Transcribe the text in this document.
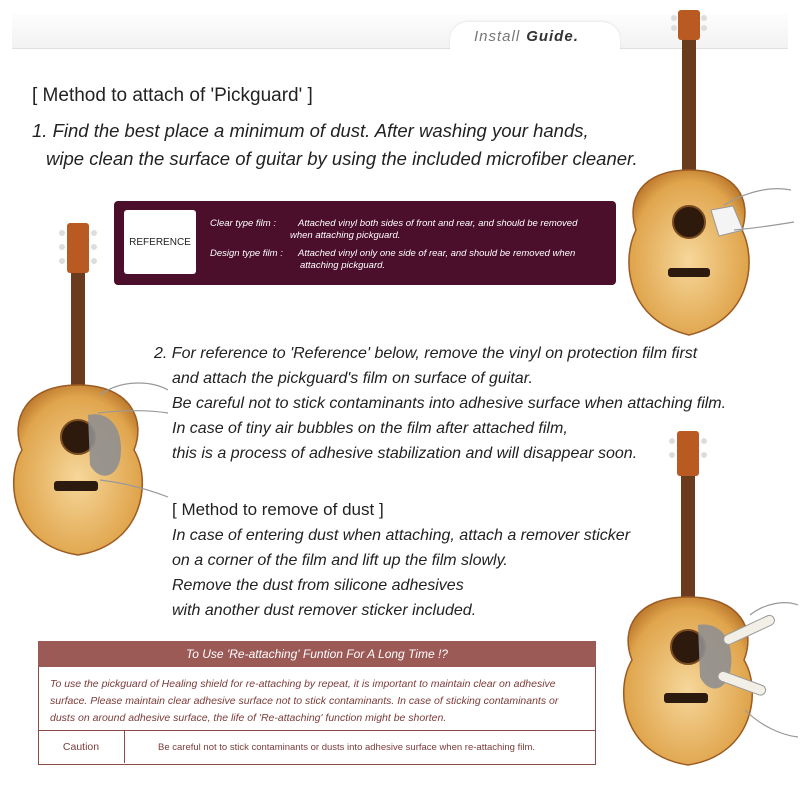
Install Guide.
[ Method to attach of 'Pickguard' ]
1. Find the best place a minimum of dust. After washing your hands,
wipe clean the surface of guitar by using the included microfiber cleaner.
REFERENCE
Clear type film : Attached vinyl both sides of front and rear, and should be removed
when attaching pickguard.
Design type film : Attached vinyl only one side of rear, and should be removed when
attaching pickguard.
2. For reference to 'Reference' below, remove the vinyl on protection film first
and attach the pickguard's film on surface of guitar.
Be careful not to stick contaminants into adhesive surface when attaching film.
In case of tiny air bubbles on the film after attached film,
this is a process of adhesive stabilization and will disappear soon.
[ Method to remove of dust ]
In case of entering dust when attaching, attach a remover sticker
on a corner of the film and lift up the film slowly.
Remove the dust from silicone adhesives
with another dust remover sticker included.
To Use 'Re-attaching' Funtion For A Long Time !?
To use the pickguard of Healing shield for re-attaching by repeat, it is important to maintain clear on adhesive
surface. Please maintain clear adhesive surface not to stick contaminants. In case of sticking contaminants or
dusts on around adhesive surface, the life of 'Re-attaching' function might be shorten.
Caution	Be careful not to stick contaminants or dusts into adhesive surface when re-attaching film.
